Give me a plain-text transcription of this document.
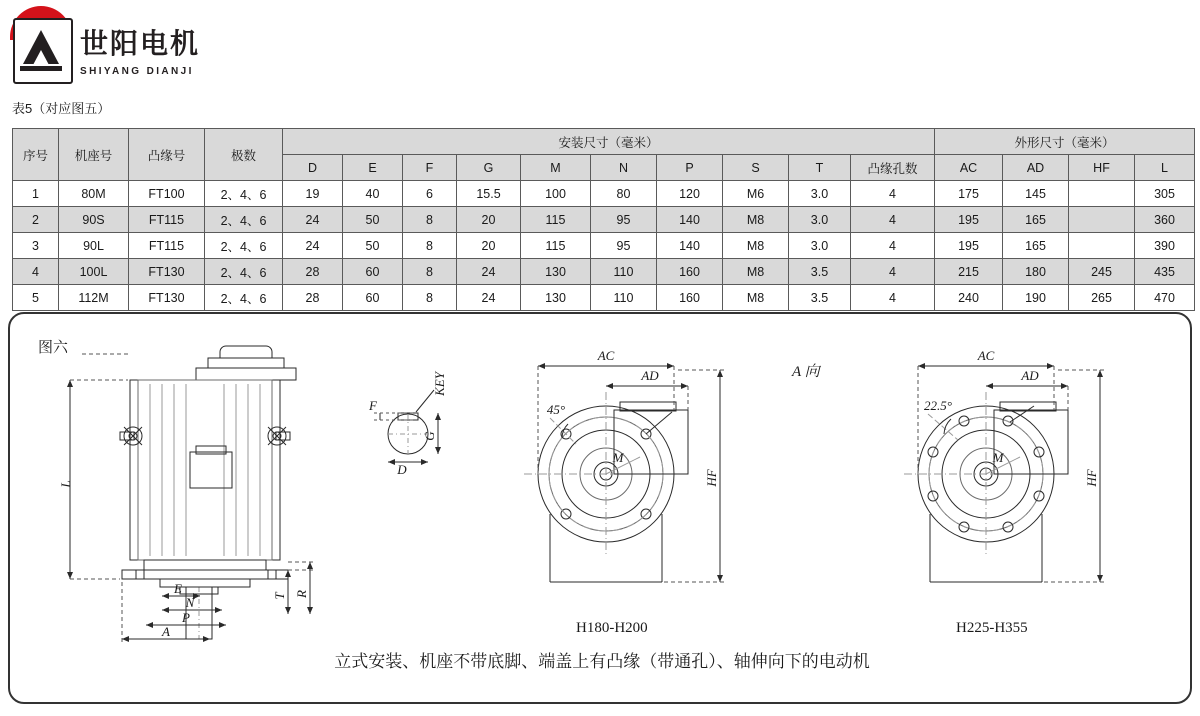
世阳电机
SHIYANG DIANJI
表5（对应图五）
序号	机座号	凸缘号	极数	安装尺寸（毫米）										外形尺寸（毫米）			
				D	E	F	G	M	N	P	S	T	凸缘孔数	AC	AD	HF	L
1	80M	FT100	2、4、6	19	40	6	15.5	100	80	120	M6	3.0	4	175	145		305
2	90S	FT115	2、4、6	24	50	8	20	115	95	140	M8	3.0	4	195	165		360
3	90L	FT115	2、4、6	24	50	8	20	115	95	140	M8	3.0	4	195	165		390
4	100L	FT130	2、4、6	28	60	8	24	130	110	160	M8	3.5	4	215	180	245	435
5	112M	FT130	2、4、6	28	60	8	24	130	110	160	M8	3.5	4	240	190	265	470
图六
L
E
N
P
A
T R
F
G
D
KEY
AC
AD
HF
M
45°
AC
AD
HF
M
22.5°
A 向
H180-H200	H225-H355
立式安装、机座不带底脚、端盖上有凸缘（带通孔）、轴伸向下的电动机
